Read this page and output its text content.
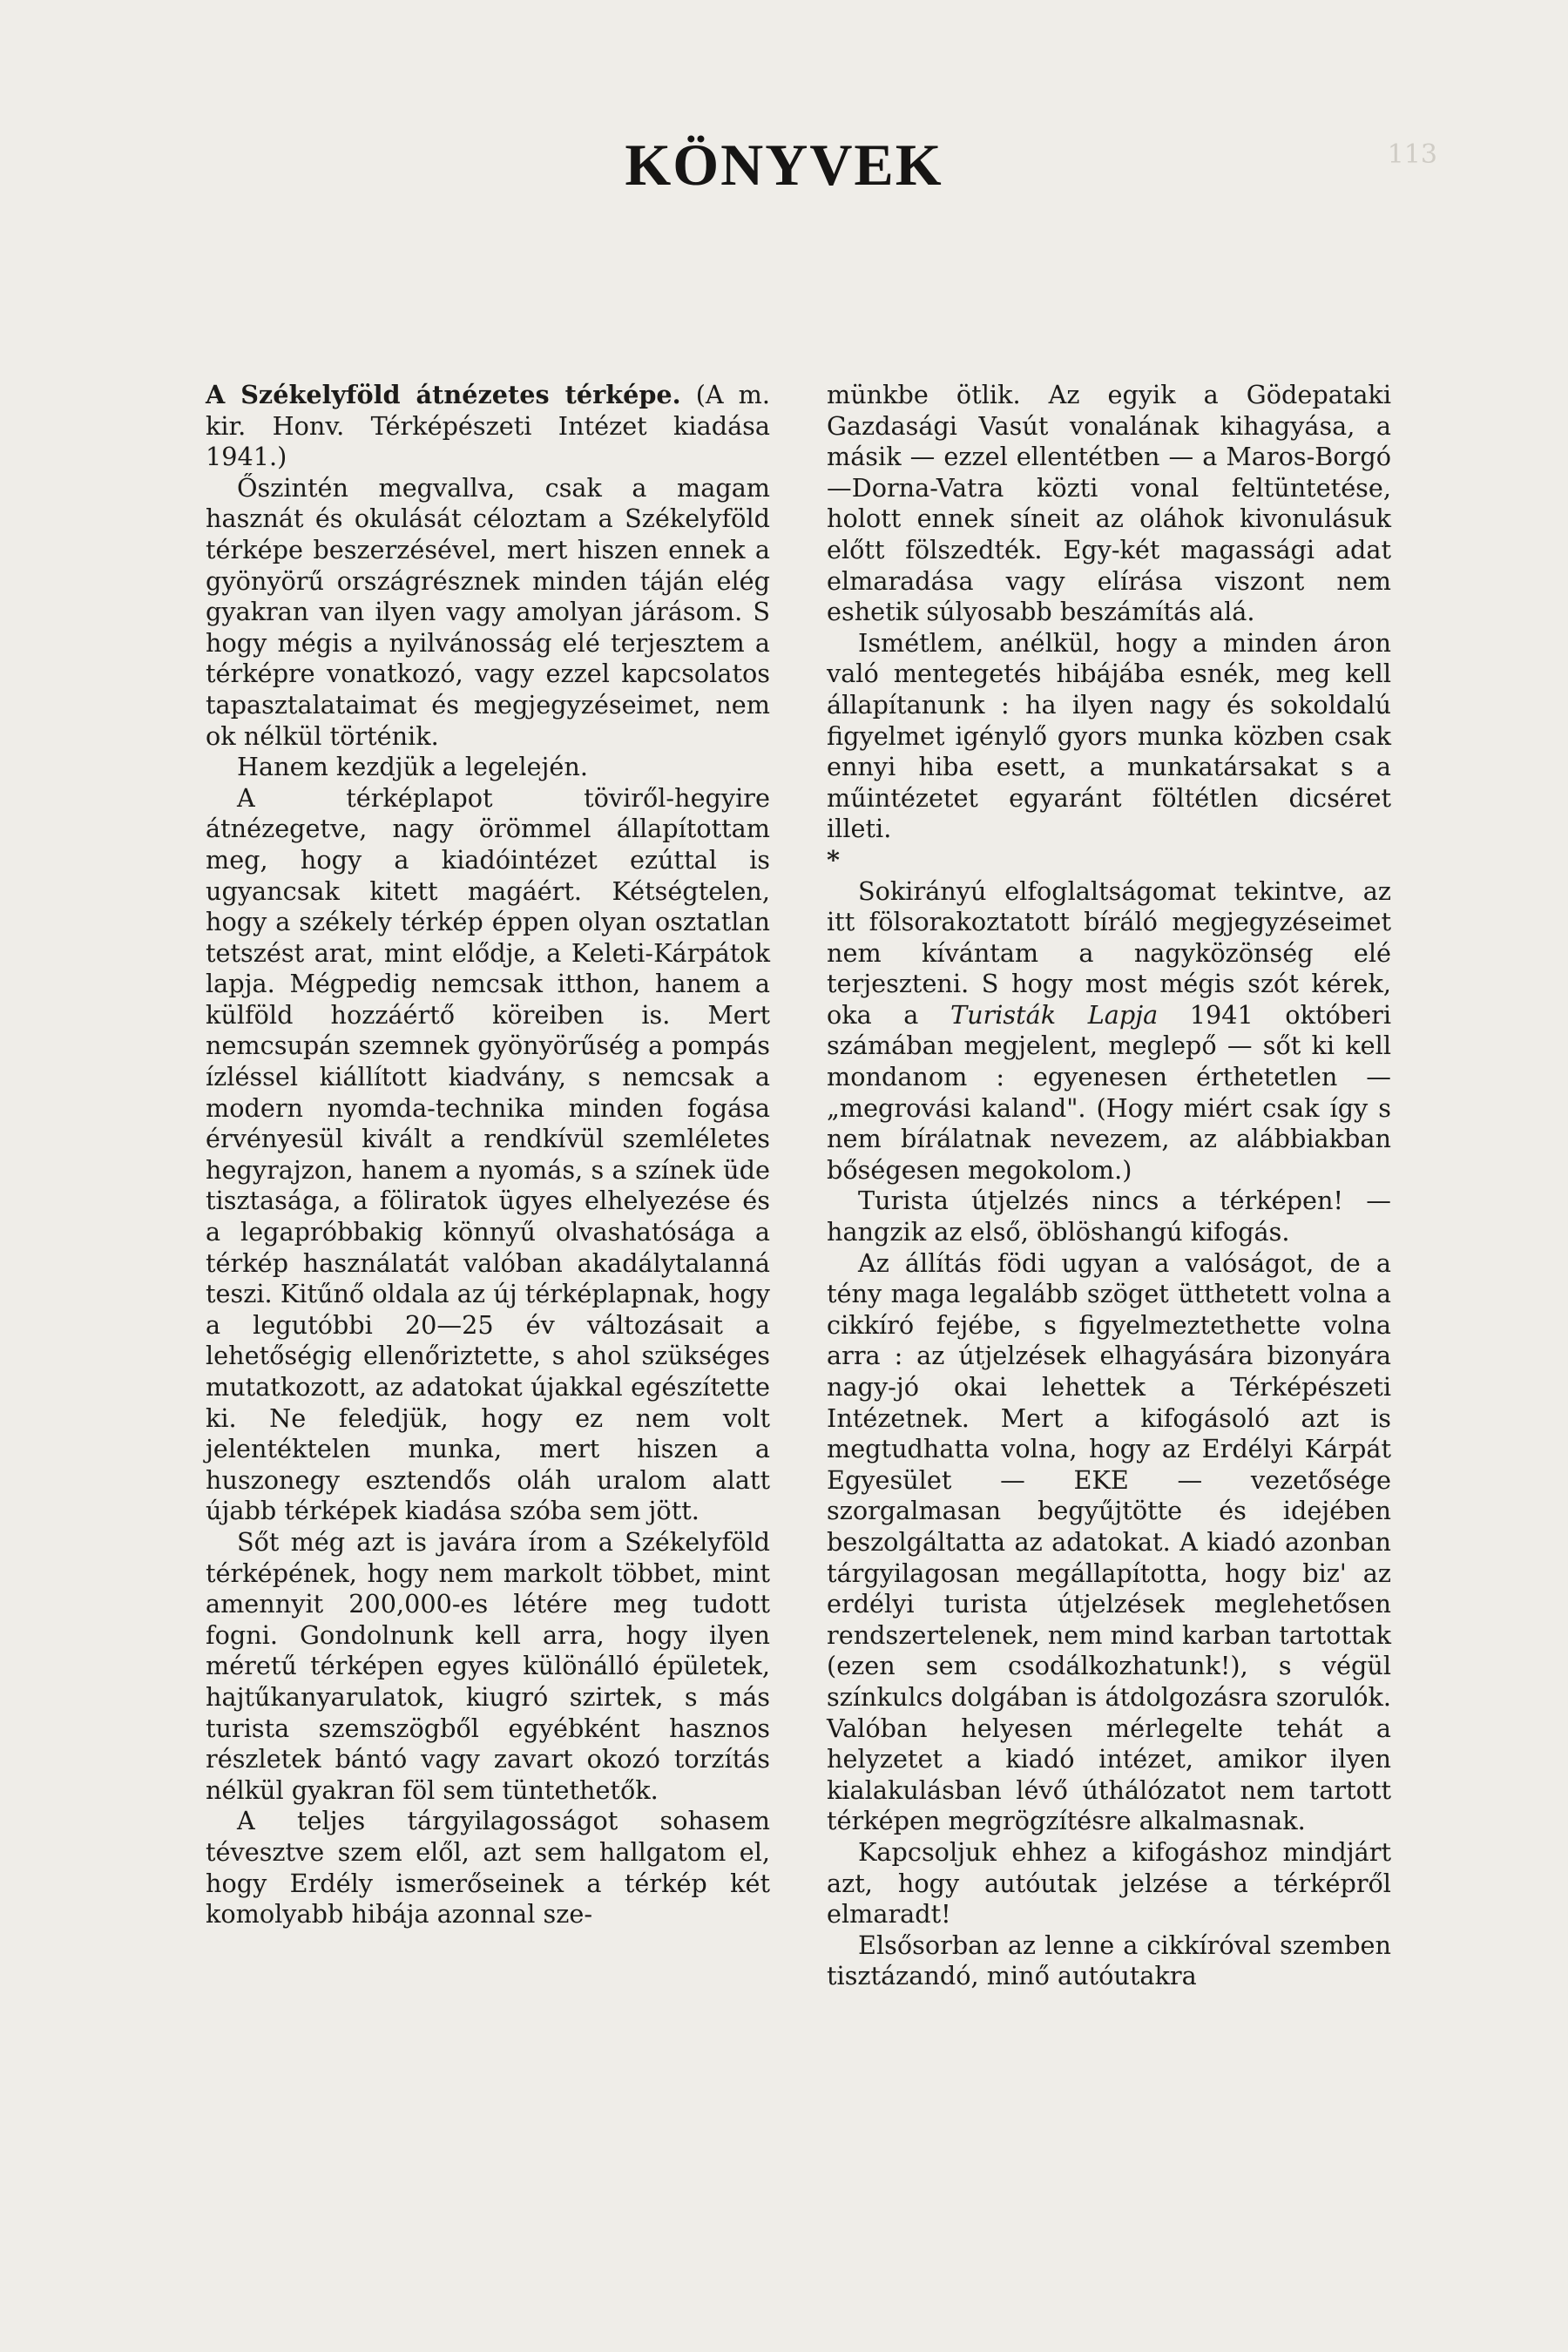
113
KÖNYVEK

A Székelyföld átnézetes térképe. (A m. kir. Honv. Térképészeti Intézet kiadása 1941.)

Őszintén megvallva, csak a magam hasznát és okulását céloztam a Székelyföld térképe beszerzésével, mert hiszen ennek a gyönyörű országrésznek minden táján elég gyakran van ilyen vagy amolyan járásom. S hogy mégis a nyilvánosság elé terjesztem a térképre vonatkozó, vagy ezzel kapcsolatos tapasztalataimat és megjegyzéseimet, nem ok nélkül történik.

Hanem kezdjük a legelején.

A térképlapot töviről-hegyire átnézegetve, nagy örömmel állapítottam meg, hogy a kiadóintézet ezúttal is ugyancsak kitett magáért. Kétségtelen, hogy a székely térkép éppen olyan osztatlan tetszést arat, mint elődje, a Keleti-Kárpátok lapja. Mégpedig nemcsak itthon, hanem a külföld hozzáértő köreiben is. Mert nemcsupán szemnek gyönyörűség a pompás ízléssel kiállított kiadvány, s nemcsak a modern nyomda-technika minden fogása érvényesül kivált a rendkívül szemléletes hegyrajzon, hanem a nyomás, s a színek üde tisztasága, a föliratok ügyes elhelyezése és a legapróbbakig könnyű olvashatósága a térkép használatát valóban akadálytalanná teszi. Kitűnő oldala az új térképlapnak, hogy a legutóbbi 20—25 év változásait a lehetőségig ellenőriztette, s ahol szükséges mutatkozott, az adatokat újakkal egészítette ki. Ne feledjük, hogy ez nem volt jelentéktelen munka, mert hiszen a huszonegy esztendős oláh uralom alatt újabb térképek kiadása szóba sem jött.

Sőt még azt is javára írom a Székelyföld térképének, hogy nem markolt többet, mint amennyit 200,000-es létére meg tudott fogni. Gondolnunk kell arra, hogy ilyen méretű térképen egyes különálló épületek, hajtűkanyarulatok, kiugró szirtek, s más turista szemszögből egyébként hasznos részletek bántó vagy zavart okozó torzítás nélkül gyakran föl sem tüntethetők.

A teljes tárgyilagosságot sohasem tévesztve szem elől, azt sem hallgatom el, hogy Erdély ismerőseinek a térkép két komolyabb hibája azonnal sze-

münkbe ötlik. Az egyik a Gödepataki Gazdasági Vasút vonalának kihagyása, a másik — ezzel ellentétben — a Maros-Borgó—Dorna-Vatra közti vonal feltüntetése, holott ennek síneit az oláhok kivonulásuk előtt fölszedték. Egy-két magassági adat elmaradása vagy elírása viszont nem eshetik súlyosabb beszámítás alá.

Ismétlem, anélkül, hogy a minden áron való mentegetés hibájába esnék, meg kell állapítanunk : ha ilyen nagy és sokoldalú figyelmet igénylő gyors munka közben csak ennyi hiba esett, a munkatársakat s a műintézetet egyaránt föltétlen dicséret illeti.

*

Sokirányú elfoglaltságomat tekintve, az itt fölsorakoztatott bíráló megjegyzéseimet nem kívántam a nagyközönség elé terjeszteni. S hogy most mégis szót kérek, oka a Turisták Lapja 1941 októberi számában megjelent, meglepő — sőt ki kell mondanom : egyenesen érthetetlen — „megrovási kaland". (Hogy miért csak így s nem bírálatnak nevezem, az alábbiakban bőségesen megokolom.)

Turista útjelzés nincs a térképen! — hangzik az első, öblöshangú kifogás.

Az állítás födi ugyan a valóságot, de a tény maga legalább szöget ütthetett volna a cikkíró fejébe, s figyelmeztethette volna arra : az útjelzések elhagyására bizonyára nagy-jó okai lehettek a Térképészeti Intézetnek. Mert a kifogásoló azt is megtudhatta volna, hogy az Erdélyi Kárpát Egyesület — EKE — vezetősége szorgalmasan begyűjtötte és idejében beszolgáltatta az adatokat. A kiadó azonban tárgyilagosan megállapította, hogy biz' az erdélyi turista útjelzések meglehetősen rendszertelenek, nem mind karban tartottak (ezen sem csodálkozhatunk!), s végül színkulcs dolgában is átdolgozásra szorulók. Valóban helyesen mérlegelte tehát a helyzetet a kiadó intézet, amikor ilyen kialakulásban lévő úthálózatot nem tartott térképen megrögzítésre alkalmasnak.

Kapcsoljuk ehhez a kifogáshoz mindjárt azt, hogy autóutak jelzése a térképről elmaradt!

Elsősorban az lenne a cikkíróval szemben tisztázandó, minő autóutakra
